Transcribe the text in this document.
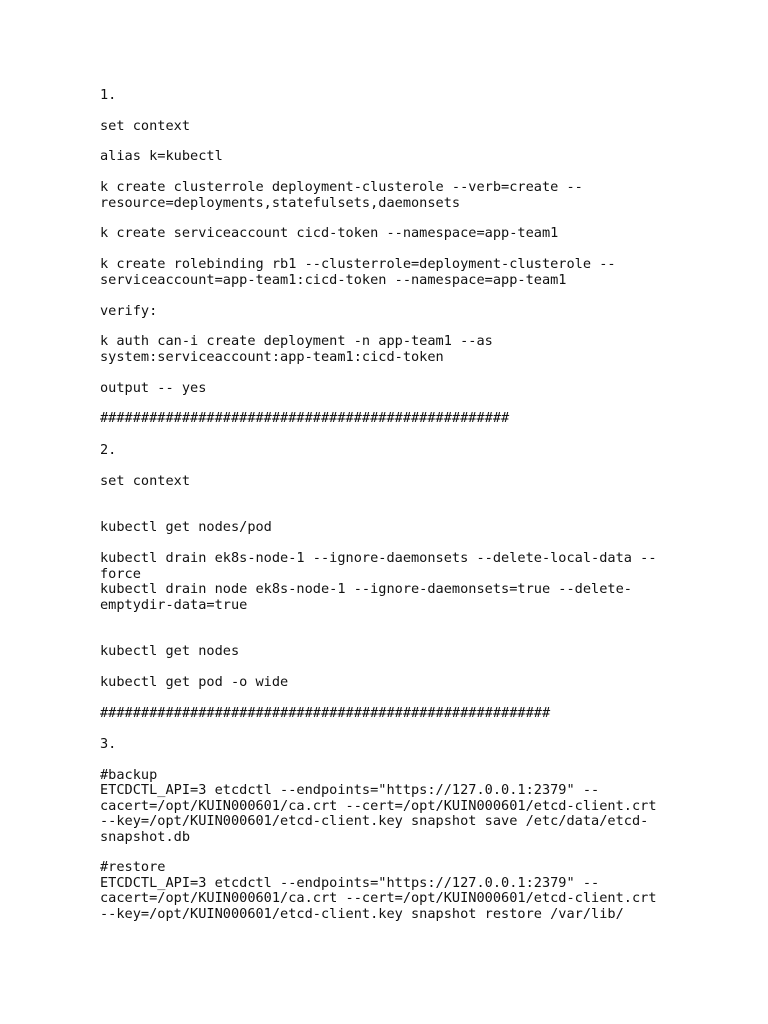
1.

set context

alias k=kubectl

k create clusterrole deployment-clusterole --verb=create --

resource=deployments,statefulsets,daemonsets

k create serviceaccount cicd-token --namespace=app-team1

k create rolebinding rb1 --clusterrole=deployment-clusterole --

serviceaccount=app-team1:cicd-token --namespace=app-team1

verify:

k auth can-i create deployment -n app-team1 --as

system:serviceaccount:app-team1:cicd-token

output -- yes

##################################################

2.

set context

kubectl get nodes/pod

kubectl drain ek8s-node-1 --ignore-daemonsets --delete-local-data --

force

kubectl drain node ek8s-node-1 --ignore-daemonsets=true --delete-

emptydir-data=true

kubectl get nodes

kubectl get pod -o wide

#######################################################

3.

#backup

ETCDCTL_API=3 etcdctl --endpoints="https://127.0.0.1:2379" --

cacert=/opt/KUIN000601/ca.crt --cert=/opt/KUIN000601/etcd-client.crt

--key=/opt/KUIN000601/etcd-client.key snapshot save /etc/data/etcd-

snapshot.db

#restore

ETCDCTL_API=3 etcdctl --endpoints="https://127.0.0.1:2379" --

cacert=/opt/KUIN000601/ca.crt --cert=/opt/KUIN000601/etcd-client.crt

--key=/opt/KUIN000601/etcd-client.key snapshot restore /var/lib/
